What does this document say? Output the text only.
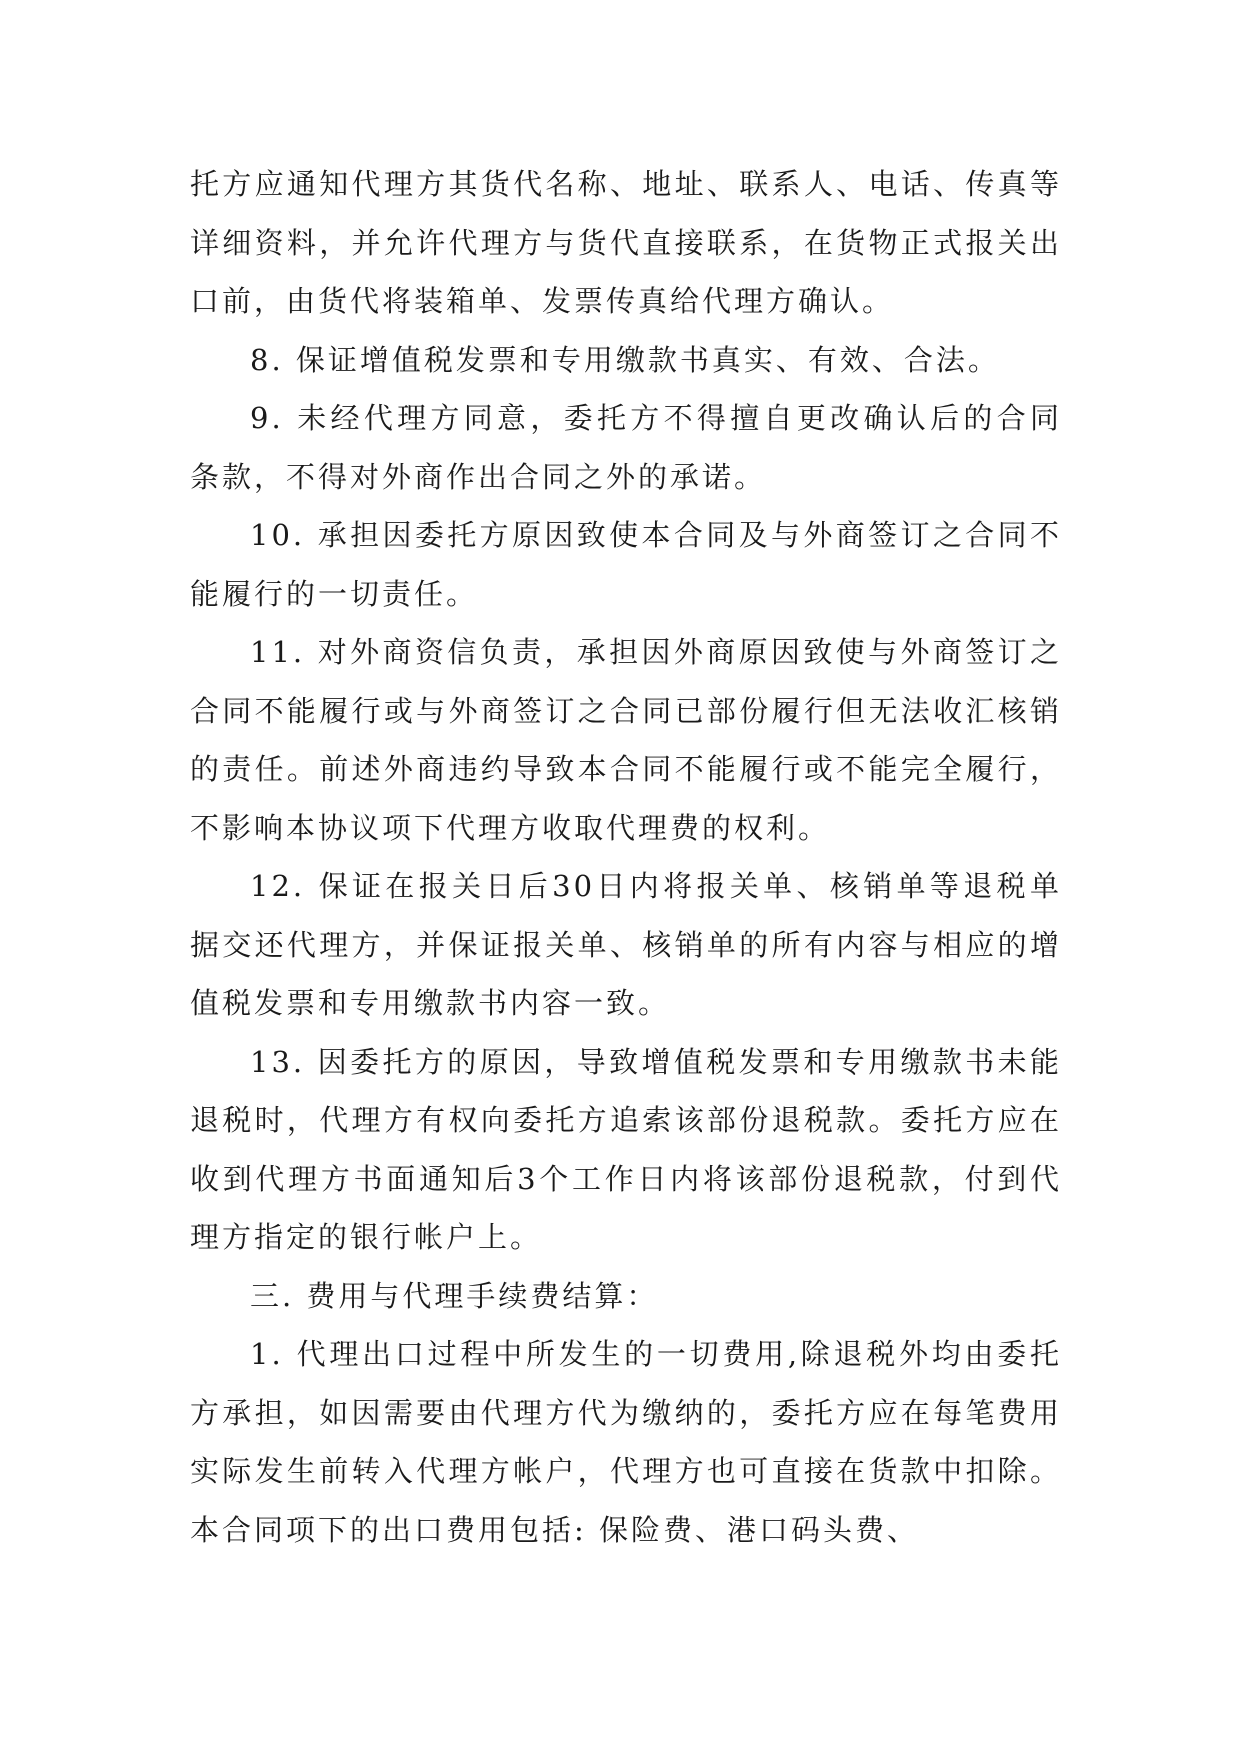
托方应通知代理方其货代名称、地址、联系人、电话、传真等详细资料，并允许代理方与货代直接联系，在货物正式报关出口前，由货代将装箱单、发票传真给代理方确认。

8. 保证增值税发票和专用缴款书真实、有效、合法。

9. 未经代理方同意，委托方不得擅自更改确认后的合同条款，不得对外商作出合同之外的承诺。

10. 承担因委托方原因致使本合同及与外商签订之合同不能履行的一切责任。

11. 对外商资信负责，承担因外商原因致使与外商签订之合同不能履行或与外商签订之合同已部份履行但无法收汇核销的责任。前述外商违约导致本合同不能履行或不能完全履行，不影响本协议项下代理方收取代理费的权利。

12. 保证在报关日后30日内将报关单、核销单等退税单据交还代理方，并保证报关单、核销单的所有内容与相应的增值税发票和专用缴款书内容一致。

13. 因委托方的原因，导致增值税发票和专用缴款书未能退税时，代理方有权向委托方追索该部份退税款。委托方应在收到代理方书面通知后3个工作日内将该部份退税款，付到代理方指定的银行帐户上。

三. 费用与代理手续费结算：

1. 代理出口过程中所发生的一切费用,除退税外均由委托方承担，如因需要由代理方代为缴纳的，委托方应在每笔费用实际发生前转入代理方帐户，代理方也可直接在货款中扣除。本合同项下的出口费用包括: 保险费、港口码头费、
